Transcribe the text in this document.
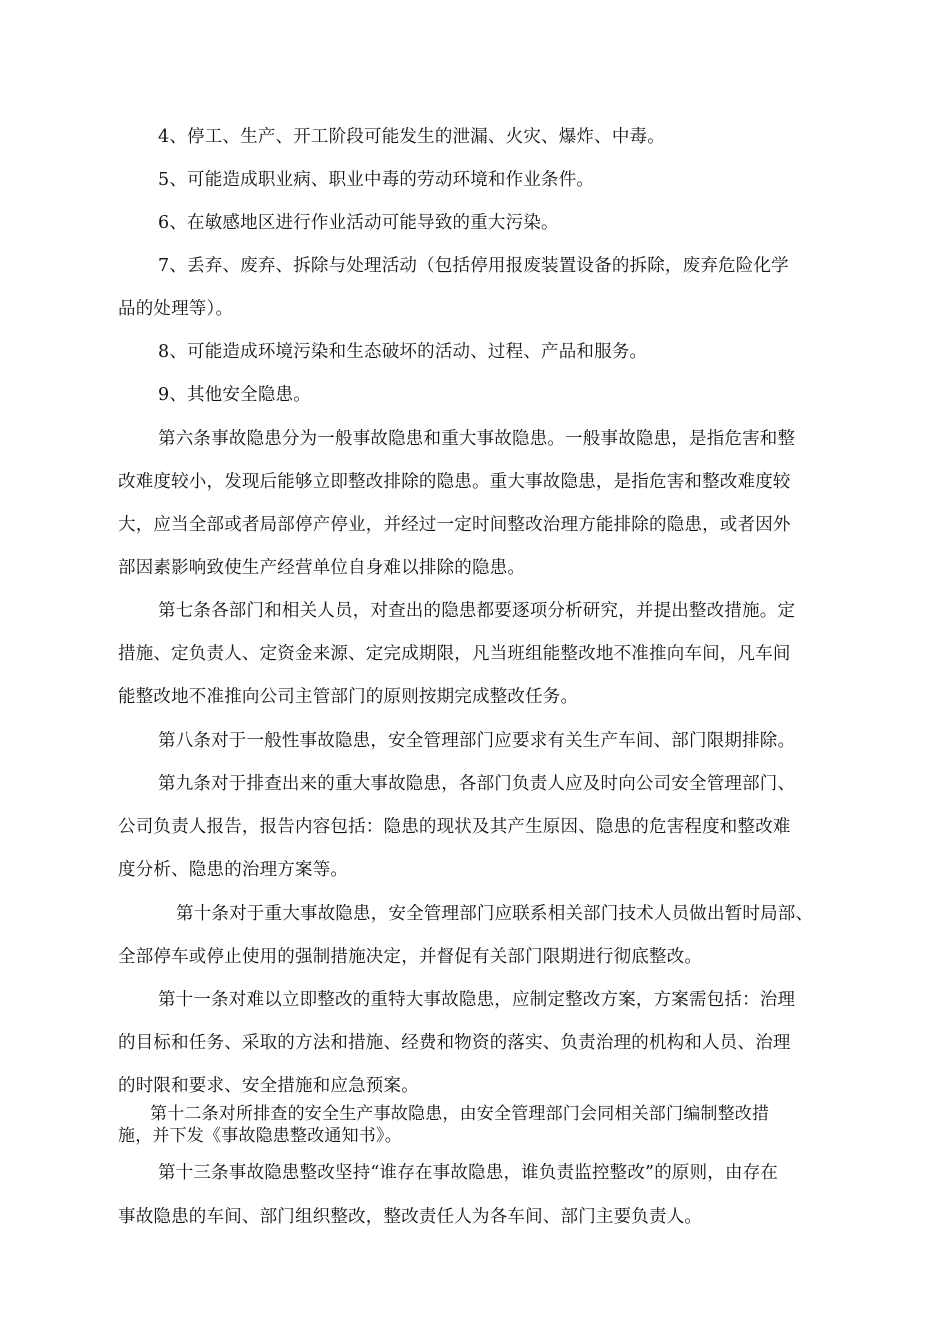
4、停工、生产、开工阶段可能发生的泄漏、火灾、爆炸、中毒。
5、可能造成职业病、职业中毒的劳动环境和作业条件。
6、在敏感地区进行作业活动可能导致的重大污染。
7、丢弃、废弃、拆除与处理活动（包括停用报废装置设备的拆除，废弃危险化学
品的处理等）。
8、可能造成环境污染和生态破坏的活动、过程、产品和服务。
9、其他安全隐患。
第六条事故隐患分为一般事故隐患和重大事故隐患。一般事故隐患，是指危害和整
改难度较小，发现后能够立即整改排除的隐患。重大事故隐患，是指危害和整改难度较
大，应当全部或者局部停产停业，并经过一定时间整改治理方能排除的隐患，或者因外
部因素影响致使生产经营单位自身难以排除的隐患。
第七条各部门和相关人员，对查出的隐患都要逐项分析研究，并提出整改措施。定
措施、定负责人、定资金来源、定完成期限，凡当班组能整改地不准推向车间，凡车间
能整改地不准推向公司主管部门的原则按期完成整改任务。
第八条对于一般性事故隐患，安全管理部门应要求有关生产车间、部门限期排除。
第九条对于排查出来的重大事故隐患，各部门负责人应及时向公司安全管理部门、
公司负责人报告，报告内容包括：隐患的现状及其产生原因、隐患的危害程度和整改难
度分析、隐患的治理方案等。
第十条对于重大事故隐患，安全管理部门应联系相关部门技术人员做出暂时局部、
全部停车或停止使用的强制措施决定，并督促有关部门限期进行彻底整改。
第十一条对难以立即整改的重特大事故隐患，应制定整改方案，方案需包括：治理
的目标和任务、采取的方法和措施、经费和物资的落实、负责治理的机构和人员、治理
的时限和要求、安全措施和应急预案。
第十二条对所排查的安全生产事故隐患，由安全管理部门会同相关部门编制整改措
施，并下发《事故隐患整改通知书》。
第十三条事故隐患整改坚持“谁存在事故隐患，谁负责监控整改”的原则，由存在
事故隐患的车间、部门组织整改，整改责任人为各车间、部门主要负责人。
